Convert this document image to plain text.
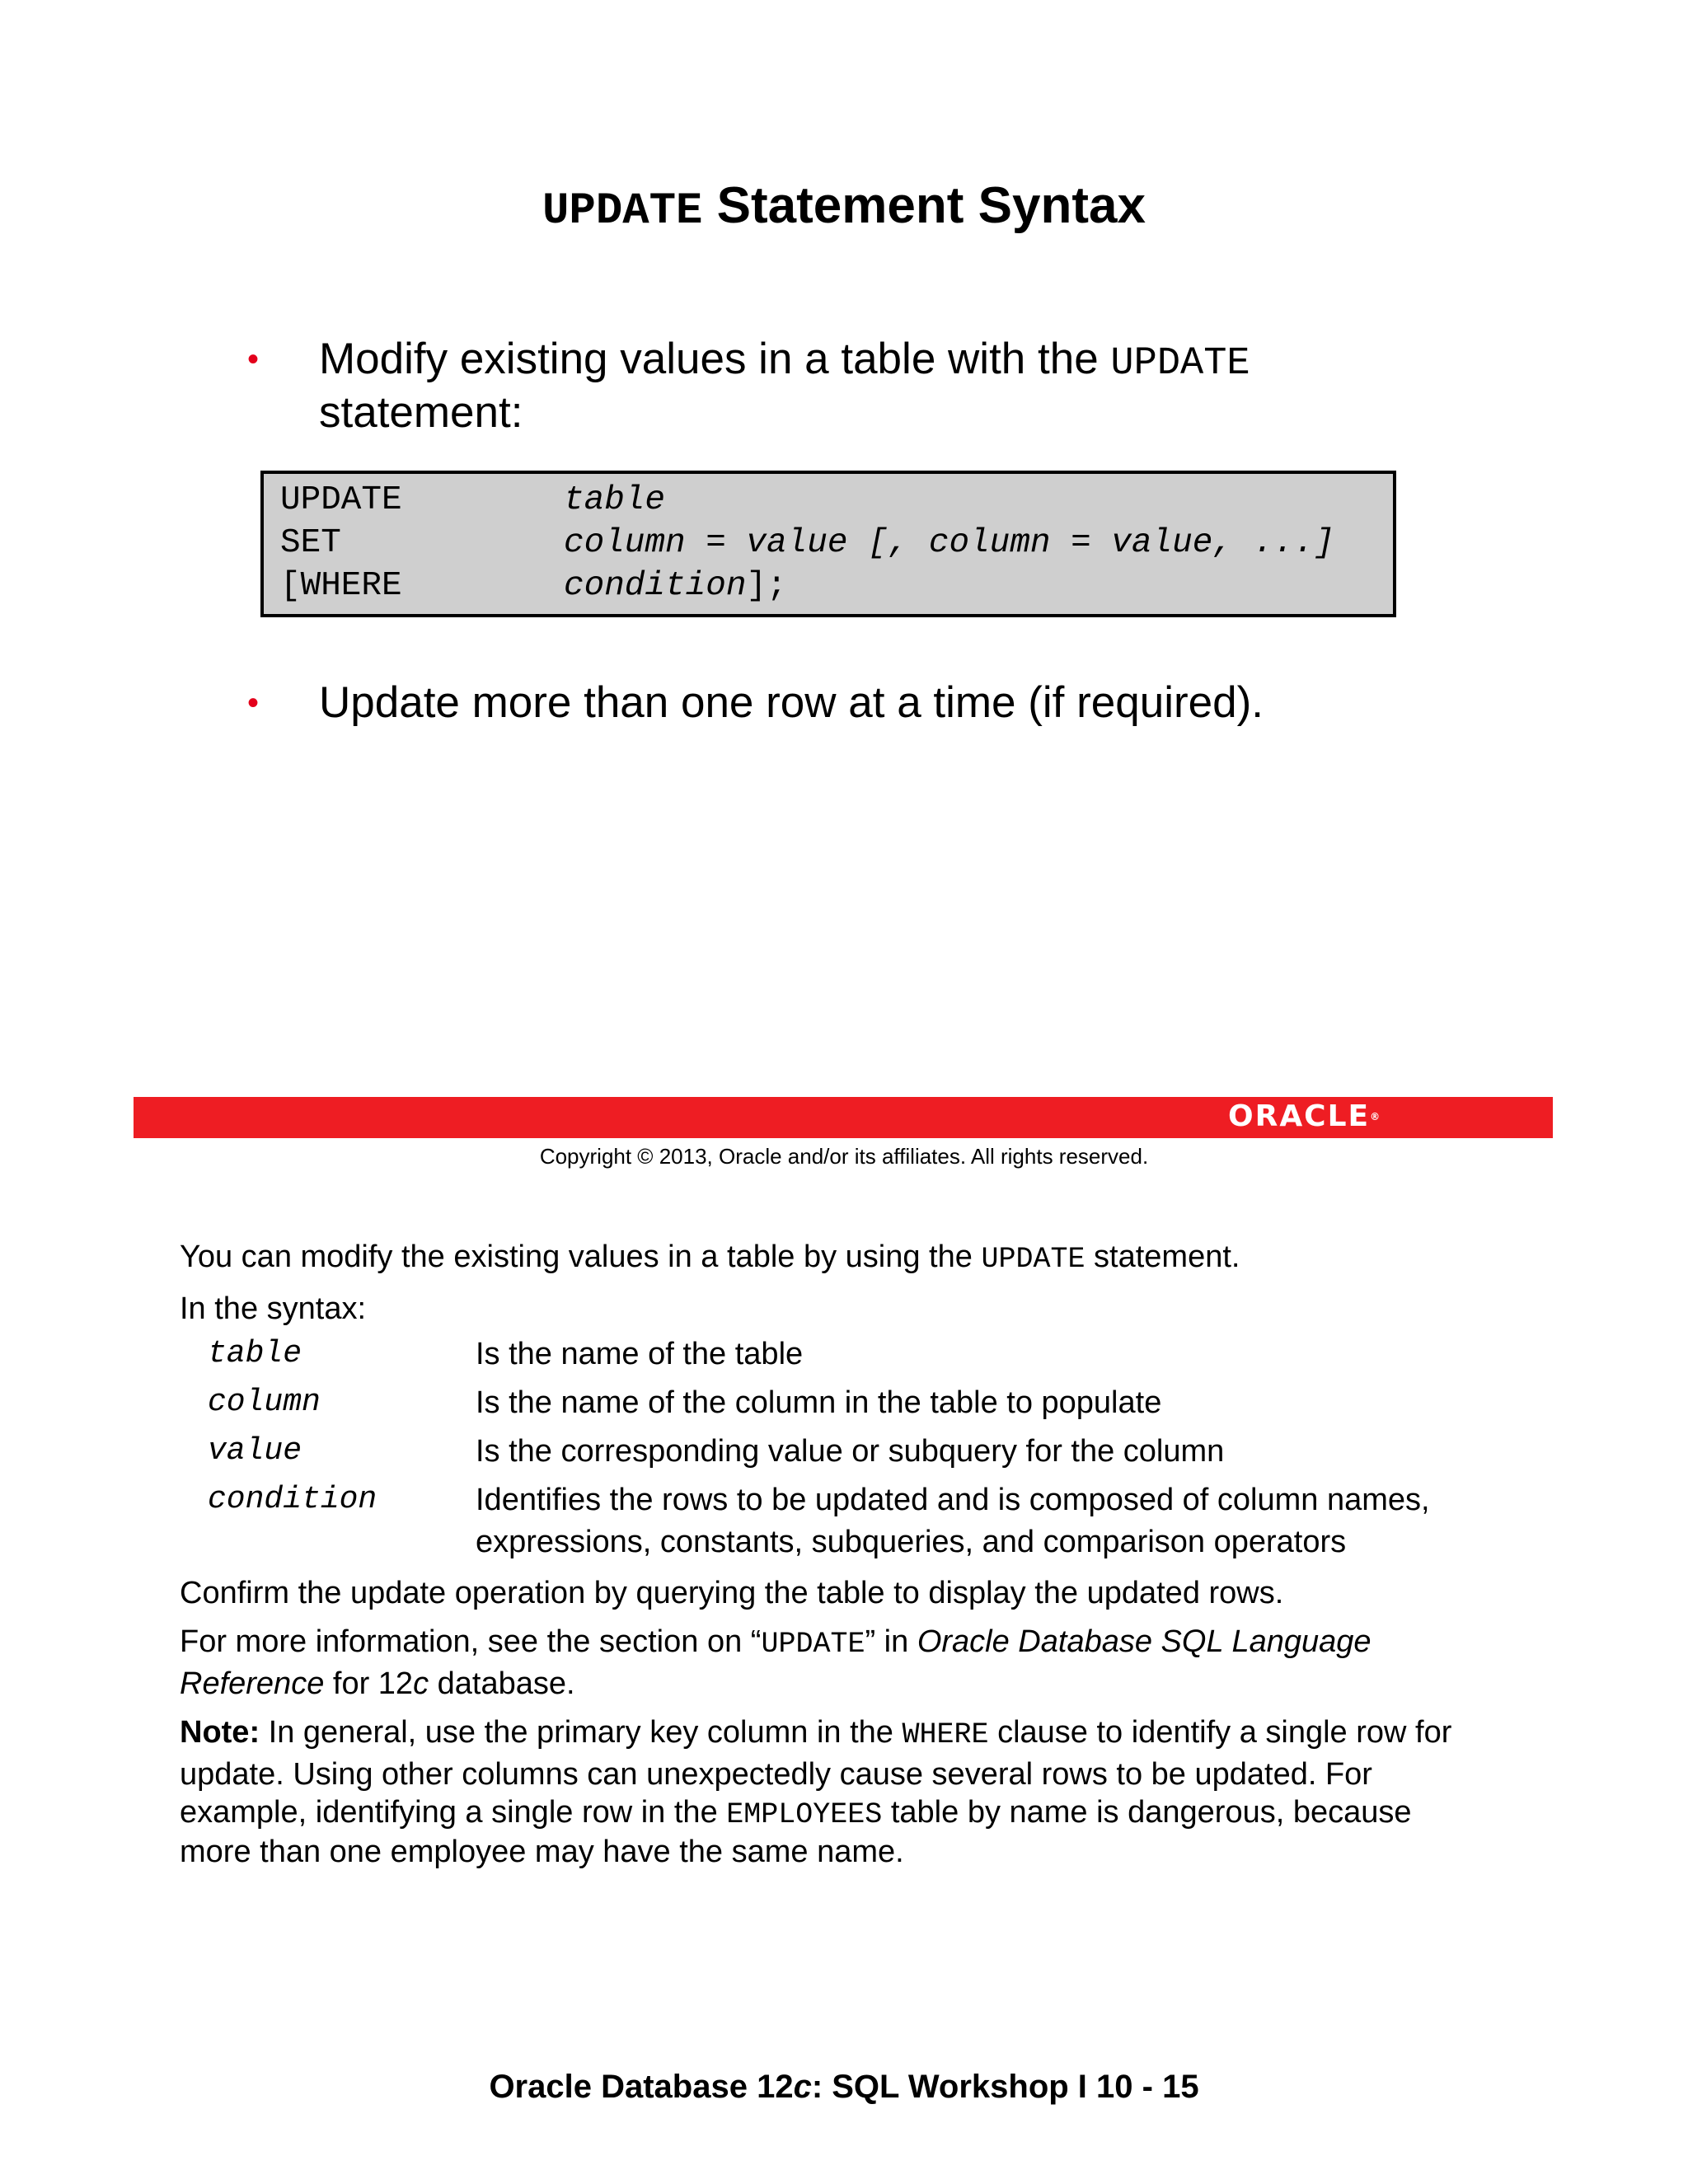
UPDATE Statement Syntax
• Modify existing values in a table with the UPDATE
statement:
UPDATE	table
SET	column = value [, column = value, ...]
[WHERE	condition];
• Update more than one row at a time (if required).
ORACLE®
Copyright © 2013, Oracle and/or its affiliates. All rights reserved.
You can modify the existing values in a table by using the UPDATE statement.
In the syntax:
table	Is the name of the table
column	Is the name of the column in the table to populate
value	Is the corresponding value or subquery for the column
condition	Identifies the rows to be updated and is composed of column names,
expressions, constants, subqueries, and comparison operators
Confirm the update operation by querying the table to display the updated rows.
For more information, see the section on “UPDATE” in Oracle Database SQL Language
Reference for 12c database.
Note: In general, use the primary key column in the WHERE clause to identify a single row for
update. Using other columns can unexpectedly cause several rows to be updated. For
example, identifying a single row in the EMPLOYEES table by name is dangerous, because
more than one employee may have the same name.
Oracle Database 12c: SQL Workshop I 10 - 15
